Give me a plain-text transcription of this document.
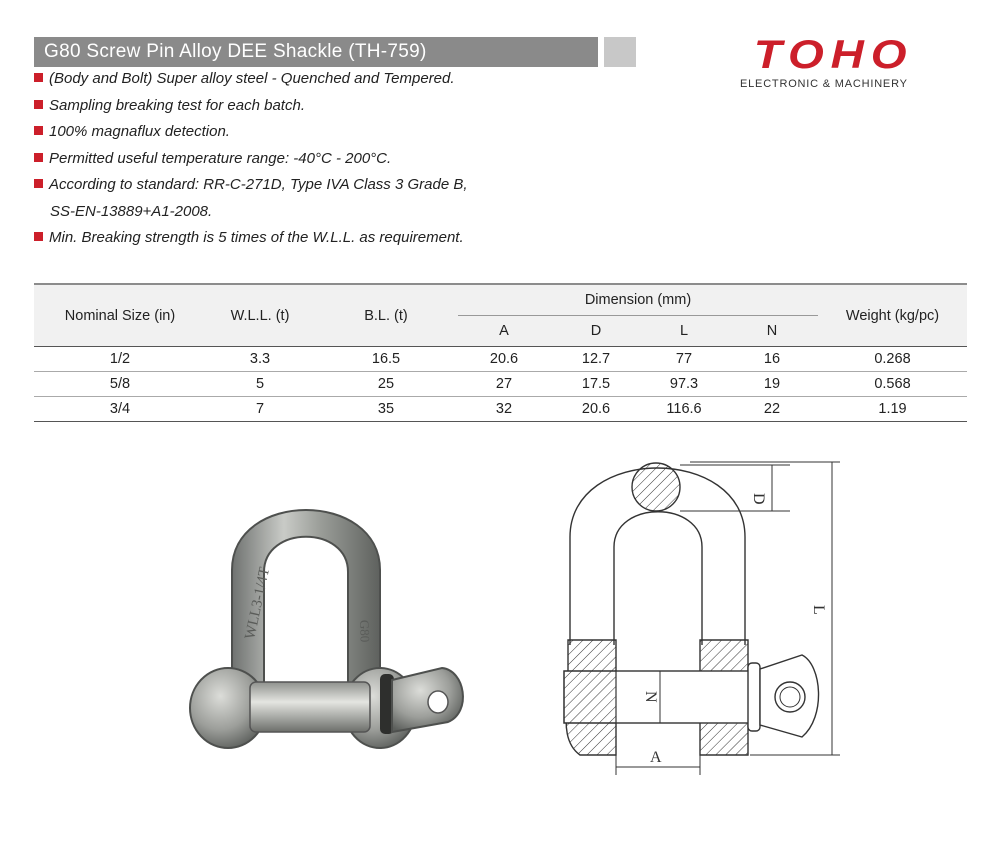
G80 Screw Pin Alloy DEE Shackle (TH-759)	TOHO
ELECTRONIC & MACHINERY
(Body and Bolt) Super alloy steel - Quenched and Tempered.
Sampling breaking test for each batch.
100% magnaflux detection.
Permitted useful temperature range: -40°C - 200°C.
According to standard: RR-C-271D, Type IVA Class 3 Grade B,
SS-EN-13889+A1-2008.
Min. Breaking strength is 5 times of the W.L.L. as requirement.
Nominal Size (in)	W.L.L. (t)	B.L. (t)	Dimension (mm)				Weight (kg/pc)
			A	D	L	N	
1/2	3.3	16.5	20.6	12.7	77	16	0.268
5/8	5	25	27	17.5	97.3	19	0.568
3/4	7	35	32	20.6	116.6	22	1.19
WLL3-1/4T	G80
D
L
N
A
